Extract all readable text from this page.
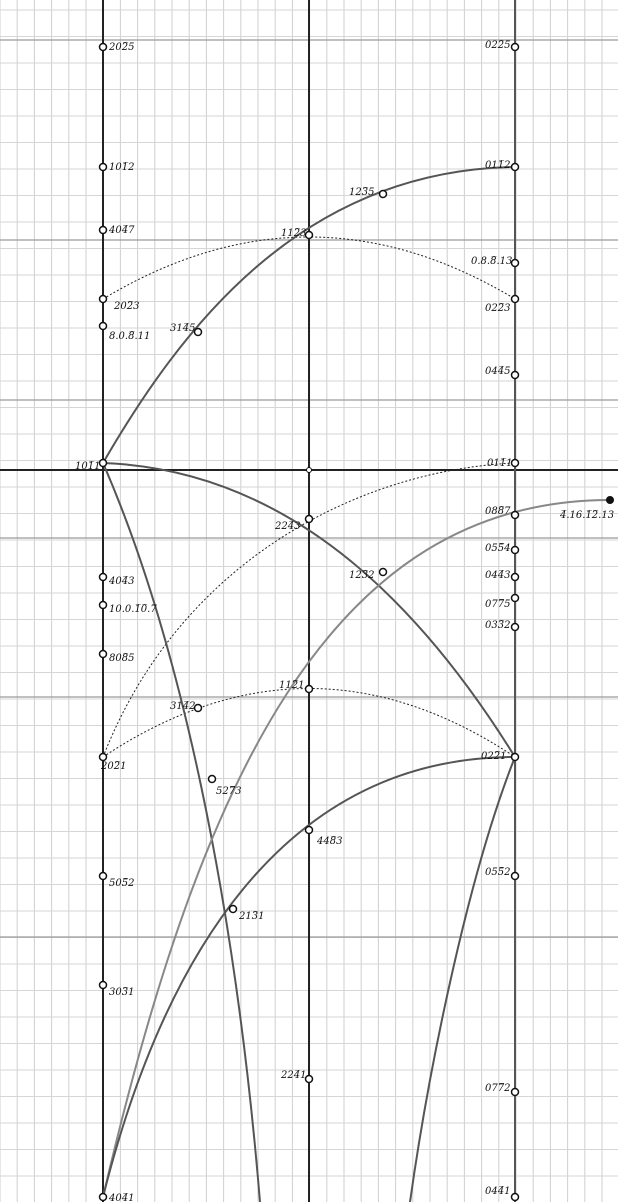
202̅5
101̅2
404̅7
202̅3
8.0.8̅.11
101̅1
404̅3
10.0.1̅0̅.7
808̅5
202̅1
505̅2
303̅1
404̅1
112̅3
224̅3
112̅1
448̅3
224̅1
022̅5
011̅2
0.8.8̅.13
022̅3
044̅5
011̅1
088̅7
055̅4
044̅3
077̅5
033̅2
022̅1
055̅2
077̅2
044̅1
123̅5
314̅5
123̅2
314̅2
527̅3
213̅1
4̅.16.1̅2̅.13
